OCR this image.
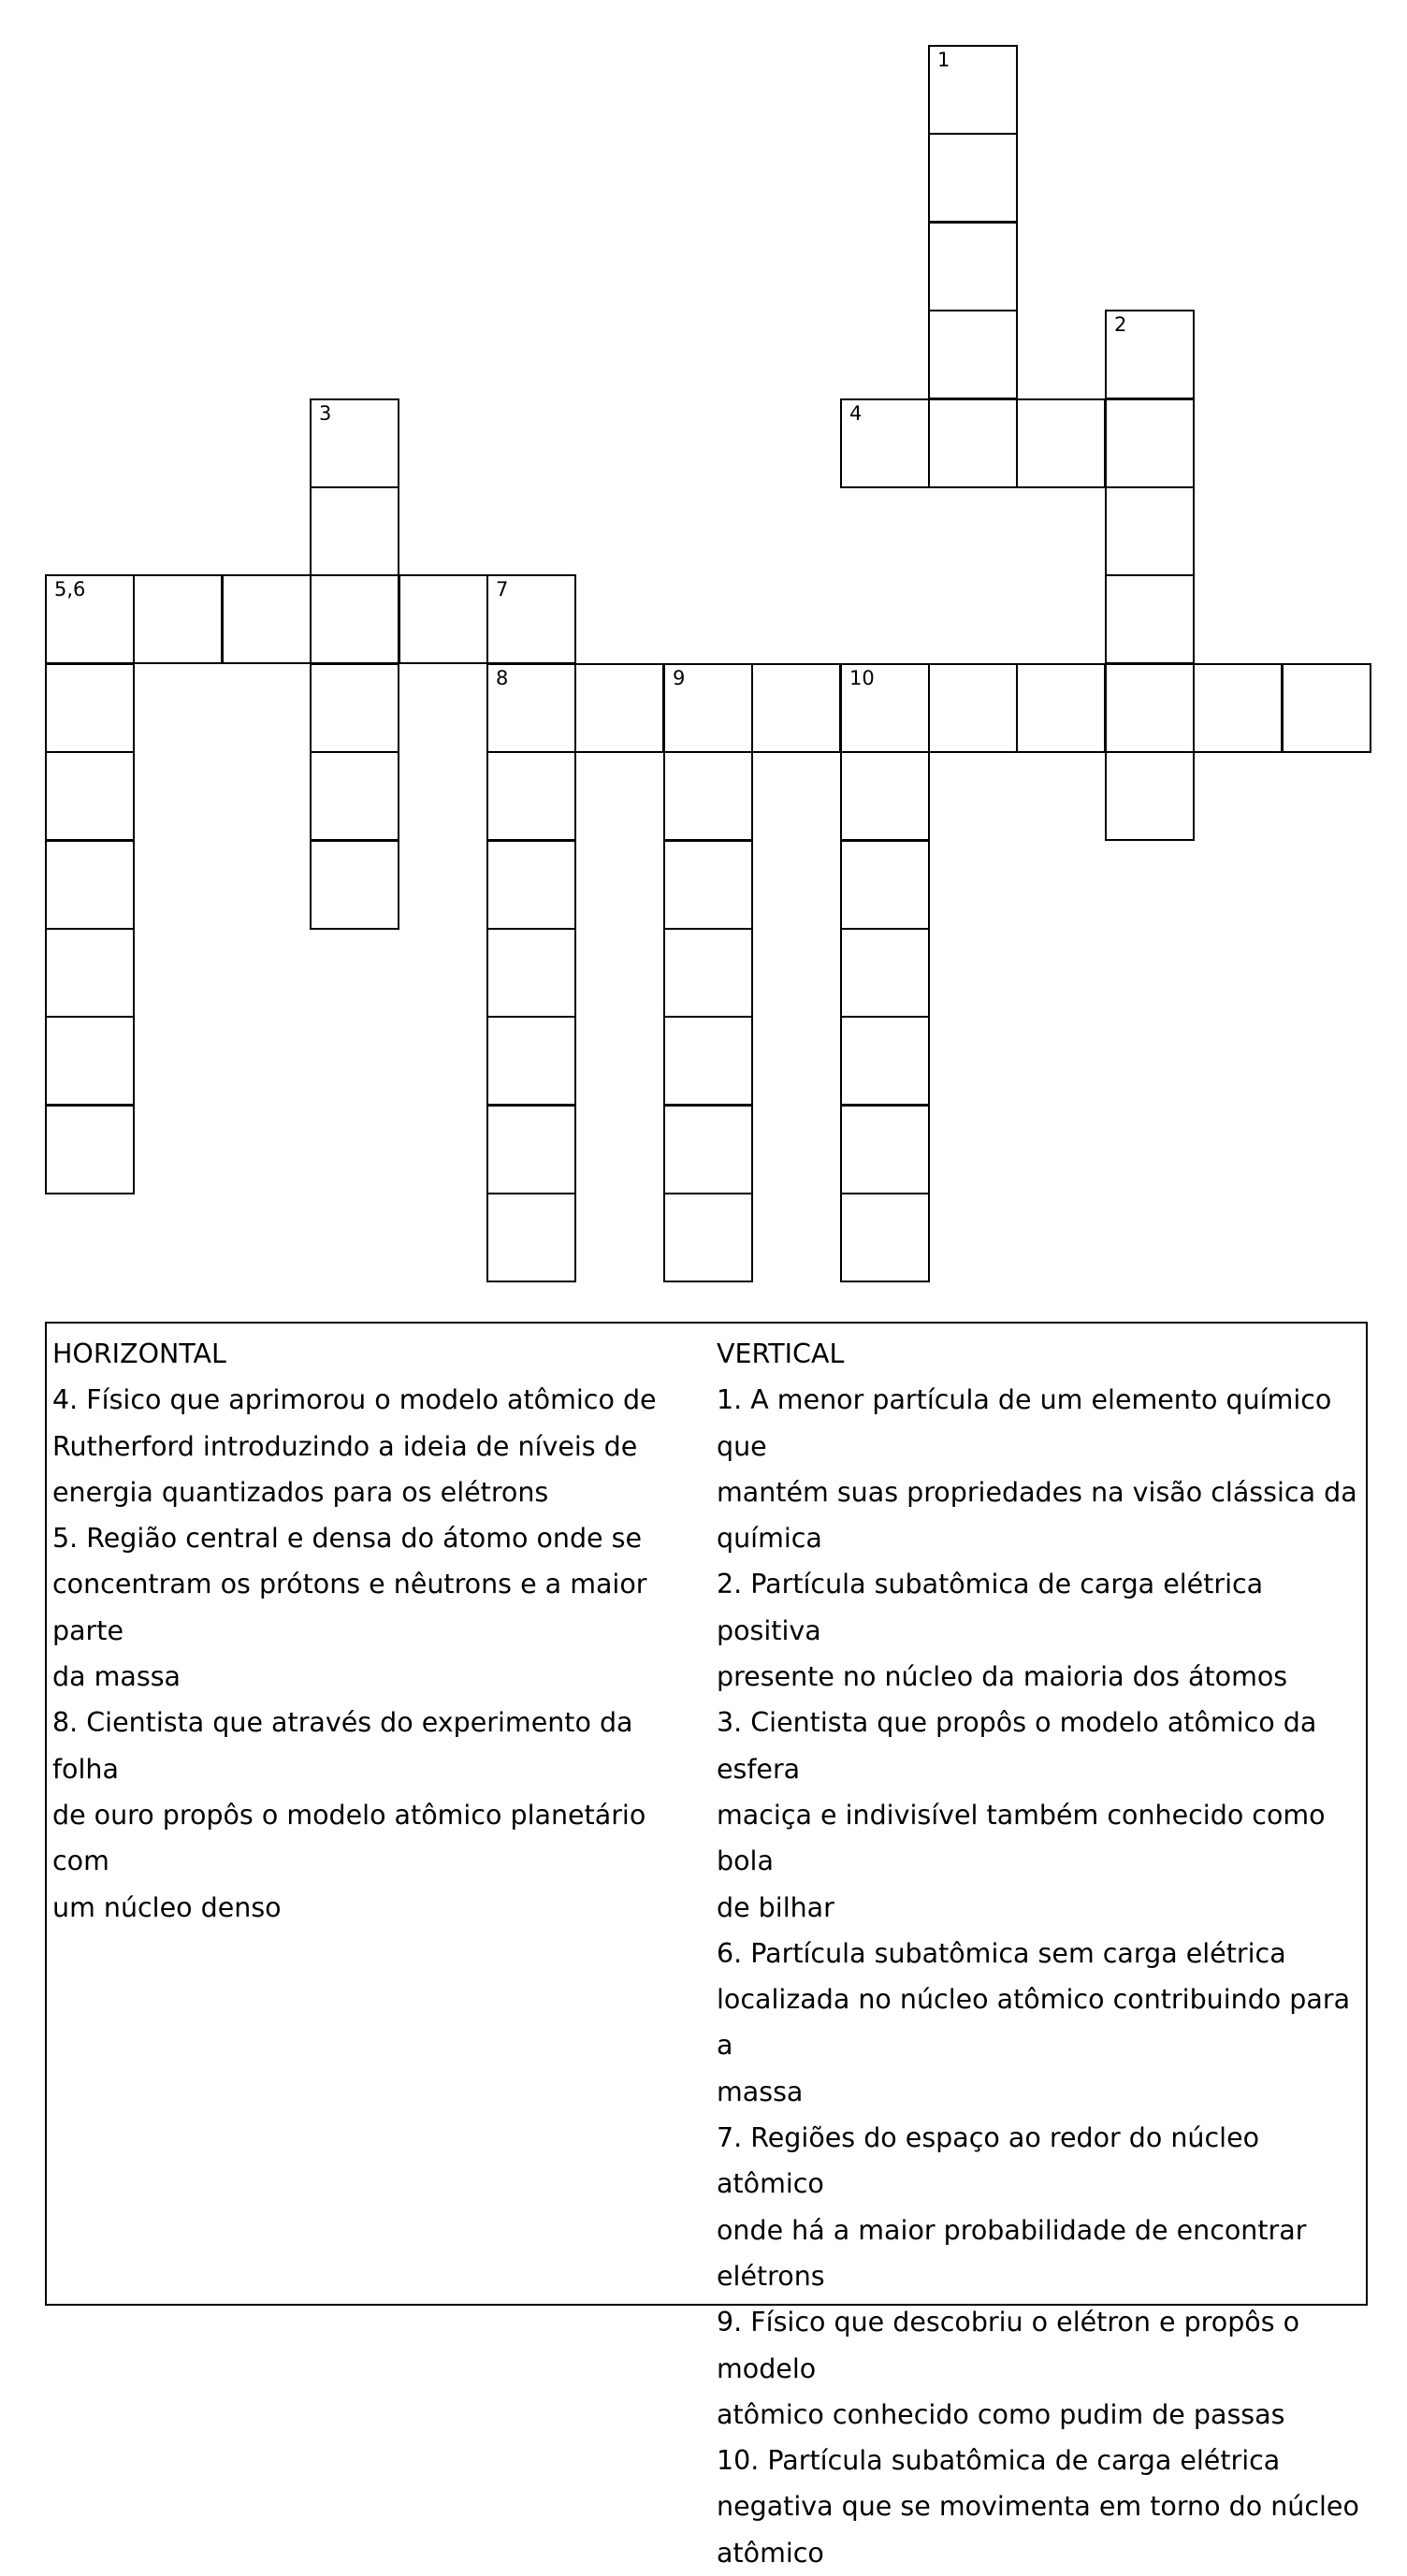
1
2
3	4
5,6	7
8	9	10
HORIZONTAL
4. Físico que aprimorou o modelo atômico de
Rutherford introduzindo a ideia de níveis de
energia quantizados para os elétrons
5. Região central e densa do átomo onde se
concentram os prótons e nêutrons e a maior parte
da massa
8. Cientista que através do experimento da folha
de ouro propôs o modelo atômico planetário com
um núcleo denso
VERTICAL
1. A menor partícula de um elemento químico que
mantém suas propriedades na visão clássica da
química
2. Partícula subatômica de carga elétrica positiva
presente no núcleo da maioria dos átomos
3. Cientista que propôs o modelo atômico da esfera
maciça e indivisível também conhecido como bola
de bilhar
6. Partícula subatômica sem carga elétrica
localizada no núcleo atômico contribuindo para a
massa
7. Regiões do espaço ao redor do núcleo atômico
onde há a maior probabilidade de encontrar
elétrons
9. Físico que descobriu o elétron e propôs o modelo
atômico conhecido como pudim de passas
10. Partícula subatômica de carga elétrica
negativa que se movimenta em torno do núcleo
atômico
